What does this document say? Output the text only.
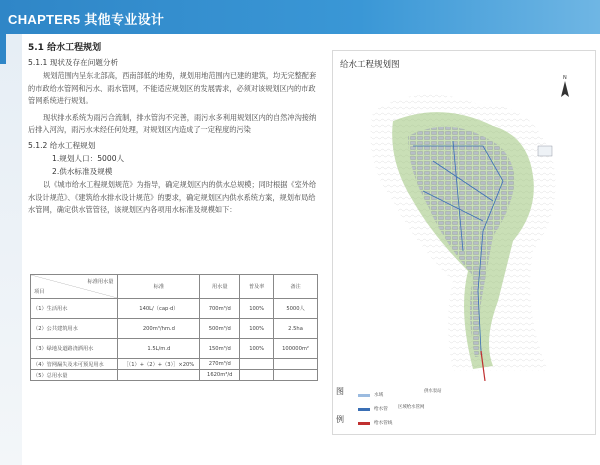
CHAPTER5 其他专业设计
5.1 给水工程规划
5.1.1 现状及存在问题分析

规划范围内呈东北部高，西南部低的地势，规划用地范围内已建的建筑，均无完整配套的市政给水管网和污水、雨水管网，不能适应规划区的发展需求，必须对该规划区内的市政管网系统进行规划。

现状排水系统为雨污合流制，排水管沟不完善，雨污水多利用规划区内的自然冲沟接纳后排入河沟，雨污水未经任何处理，对规划区内造成了一定程度的污染

5.1.2 给水工程规划
1.规划人口：5000人
2.供水标准及规模

以《城市给水工程规划规范》为指导，确定规划区内的供水总规模；同时根据《室外给水设计规范》、《建筑给水排水设计规范》的要求，确定规划区内供水系统方案，规划布局给水管网，确定供水管管径，该规划区内各项用水标准及规模如下：

标准用水量
项目	标准	用水量	普及率	备注
（1）生活用水	140L/（cap·d）	700m³/d	100%	5000人
（2）公共建筑用水	200m³/hm.d	500m³/d	100%	2.5ha
（3）绿地及道路浇洒用水	1.5L/m.d	150m³/d	100%	100000m²
（4）管网漏失及未可预见用水	［（1）+（2）+（3）］×20%	270m³/d		
（5）总用水量		1620m³/d		
给水工程规划图
N
图
例
水域
给水管
给水管线
供水泵站
区域给水管网
